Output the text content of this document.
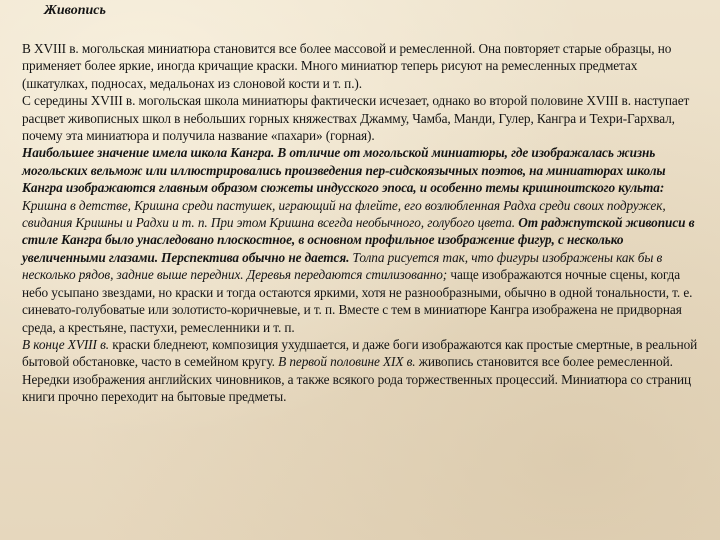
Живопись

В XVIII в. могольская миниатюра становится все более массовой и ремесленной. Она повторяет старые образцы, но применяет более яркие, иногда кричащие краски. Много миниатюр теперь рисуют на ремесленных предметах (шкатулках, подносах, медальонах из слоновой кости и т. п.).
С середины XVIII в. могольская школа миниатюры фактически исчезает, однако во второй половине XVIII в. наступает расцвет живописных школ в небольших горных княжествах Джамму, Чамба, Манди, Гулер, Кангра и Техри-Гархвал, почему эта миниатюра и получила название «пахари» (горная).
Наибольшее значение имела школа Кангра. В отличие от могольской миниатюры, где изображалась жизнь могольских вельмож или иллюстрировались произведения пер-сидскоязычных поэтов, на миниатюрах школы Кангра изображаются главным образом сюжеты индусского эпоса, и особенно темы кришноитского культа: Кришна в детстве, Кришна среди пастушек, играющий на флейте, его возлюбленная Радха среди своих подружек, свидания Кришны и Радхи и т. п. При этом Кришна всегда необычного, голубого цвета. От раджпутской живописи в стиле Кангра было унаследовано плоскостное, в основном профильное изображение фигур, с несколько увеличенными глазами. Перспектива обычно не дается. Толпа рисуется так, что фигуры изображены как бы в несколько рядов, задние выше передних. Деревья передаются стилизованно; чаще изображаются ночные сцены, когда небо усыпано звездами, но краски и тогда остаются яркими, хотя не разнообразными, обычно в одной тональности, т. е. синевато-голубоватые или золотисто-коричневые, и т. п. Вместе с тем в миниатюре Кангра изображена не придворная среда, а крестьяне, пастухи, ремесленники и т. п.
В конце XVIII в. краски бледнеют, композиция ухудшается, и даже боги изображаются как простые смертные, в реальной бытовой обстановке, часто в семейном кругу. В первой половине XIX в. живопись становится все более ремесленной. Нередки изображения английских чиновников, а также всякого рода торжественных процессий. Миниатюра со страниц книги прочно переходит на бытовые предметы.
